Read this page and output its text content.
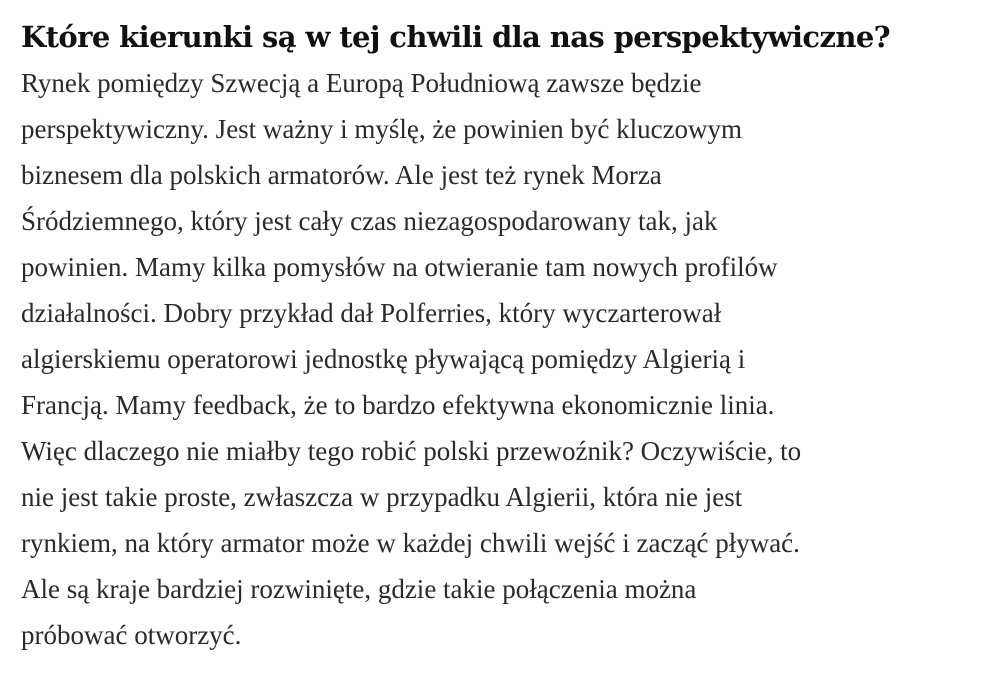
Które kierunki są w tej chwili dla nas perspektywiczne?

Rynek pomiędzy Szwecją a Europą Południową zawsze będzie
perspektywiczny. Jest ważny i myślę, że powinien być kluczowym
biznesem dla polskich armatorów. Ale jest też rynek Morza
Śródziemnego, który jest cały czas niezagospodarowany tak, jak
powinien. Mamy kilka pomysłów na otwieranie tam nowych profilów
działalności. Dobry przykład dał Polferries, który wyczarterował
algierskiemu operatorowi jednostkę pływającą pomiędzy Algierią i
Francją. Mamy feedback, że to bardzo efektywna ekonomicznie linia.
Więc dlaczego nie miałby tego robić polski przewoźnik? Oczywiście, to
nie jest takie proste, zwłaszcza w przypadku Algierii, która nie jest
rynkiem, na który armator może w każdej chwili wejść i zacząć pływać.
Ale są kraje bardziej rozwinięte, gdzie takie połączenia można
próbować otworzyć.
